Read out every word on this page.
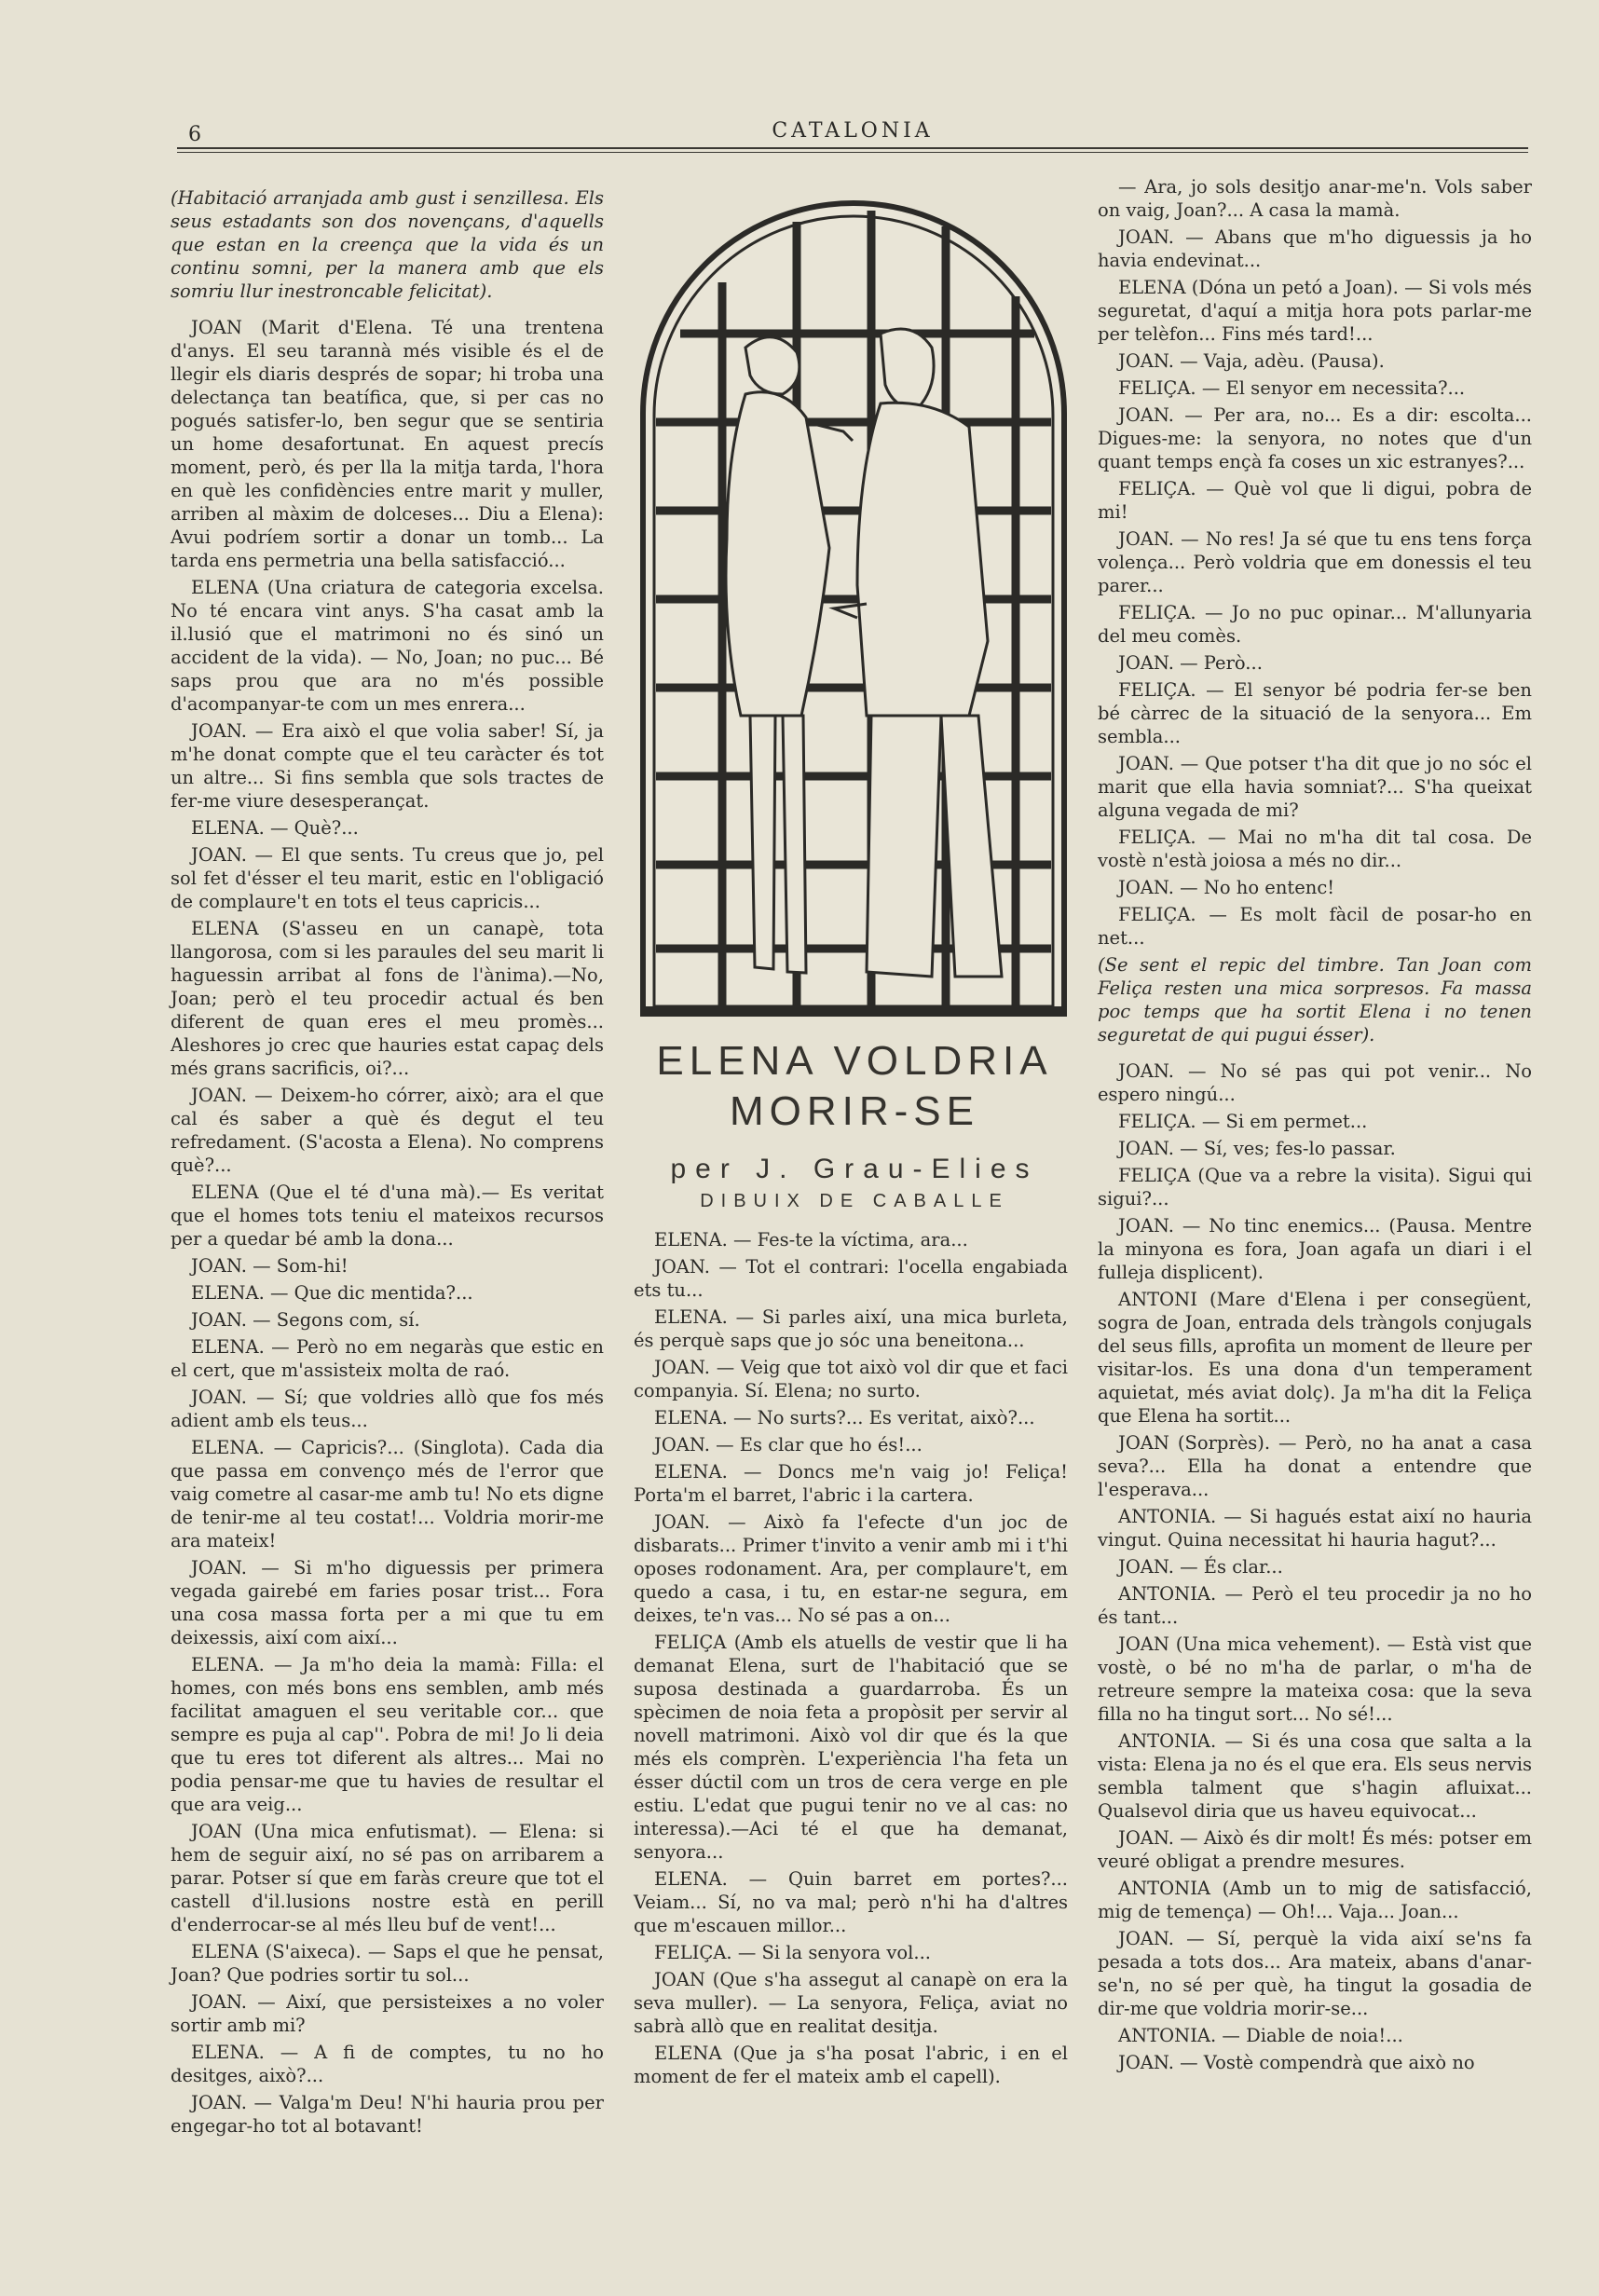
6	CATALONIA

(Habitació arranjada amb gust i senzillesa. Els seus estadants son dos novençans, d'aquells que estan en la creença que la vida és un continu somni, per la manera amb que els somriu llur inestroncable felicitat).

JOAN (Marit d'Elena. Té una trentena d'anys. El seu tarannà més visible és el de llegir els diaris després de sopar; hi troba una delectança tan beatífica, que, si per cas no pogués satisfer-lo, ben segur que se sentiria un home desafortunat. En aquest precís moment, però, és per lla la mitja tarda, l'hora en què les confidències entre marit y muller, arriben al màxim de dolceses... Diu a Elena): Avui podríem sortir a donar un tomb... La tarda ens permetria una bella satisfacció...

ELENA (Una criatura de categoria excelsa. No té encara vint anys. S'ha casat amb la il.lusió que el matrimoni no és sinó un accident de la vida). — No, Joan; no puc... Bé saps prou que ara no m'és possible d'acompanyar-te com un mes enrera...

JOAN. — Era això el que volia saber! Sí, ja m'he donat compte que el teu caràcter és tot un altre... Si fins sembla que sols tractes de fer-me viure desesperançat.

ELENA. — Què?...

JOAN. — El que sents. Tu creus que jo, pel sol fet d'ésser el teu marit, estic en l'obligació de complaure't en tots el teus capricis...

ELENA (S'asseu en un canapè, tota llangorosa, com si les paraules del seu marit li haguessin arribat al fons de l'ànima).—No, Joan; però el teu procedir actual és ben diferent de quan eres el meu promès... Aleshores jo crec que hauries estat capaç dels més grans sacrificis, oi?...

JOAN. — Deixem-ho córrer, això; ara el que cal és saber a què és degut el teu refredament. (S'acosta a Elena). No comprens què?...

ELENA (Que el té d'una mà).— Es veritat que el homes tots teniu el mateixos recursos per a quedar bé amb la dona...

JOAN. — Som-hi!

ELENA. — Que dic mentida?...

JOAN. — Segons com, sí.

ELENA. — Però no em negaràs que estic en el cert, que m'assisteix molta de raó.

JOAN. — Sí; que voldries allò que fos més adient amb els teus...

ELENA. — Capricis?... (Singlota). Cada dia que passa em convenço més de l'error que vaig cometre al casar-me amb tu! No ets digne de tenir-me al teu costat!... Voldria morir-me ara mateix!

JOAN. — Si m'ho diguessis per primera vegada gairebé em faries posar trist... Fora una cosa massa forta per a mi que tu em deixessis, així com així...

ELENA. — Ja m'ho deia la mamà: Filla: el homes, con més bons ens semblen, amb més facilitat amaguen el seu veritable cor... que sempre es puja al cap''. Pobra de mi! Jo li deia que tu eres tot diferent als altres... Mai no podia pensar-me que tu havies de resultar el que ara veig...

JOAN (Una mica enfutismat). — Elena: si hem de seguir així, no sé pas on arribarem a parar. Potser sí que em faràs creure que tot el castell d'il.lusions nostre està en perill d'enderrocar-se al més lleu buf de vent!...

ELENA (S'aixeca). — Saps el que he pensat, Joan? Que podries sortir tu sol...

JOAN. — Així, que persisteixes a no voler sortir amb mi?

ELENA. — A fi de comptes, tu no ho desitges, això?...

JOAN. — Valga'm Deu! N'hi hauria prou per engegar-ho tot al botavant!

ELENA VOLDRIA
MORIR-SE
per J. Grau-Elies
DIBUIX DE CABALLE

ELENA. — Fes-te la víctima, ara...

JOAN. — Tot el contrari: l'ocella engabiada ets tu...

ELENA. — Si parles així, una mica burleta, és perquè saps que jo sóc una beneitona...

JOAN. — Veig que tot això vol dir que et faci companyia. Sí. Elena; no surto.

ELENA. — No surts?... Es veritat, això?...

JOAN. — Es clar que ho és!...

ELENA. — Doncs me'n vaig jo! Feliça! Porta'm el barret, l'abric i la cartera.

JOAN. — Això fa l'efecte d'un joc de disbarats... Primer t'invito a venir amb mi i t'hi oposes rodonament. Ara, per complaure't, em quedo a casa, i tu, en estar-ne segura, em deixes, te'n vas... No sé pas a on...

FELIÇA (Amb els atuells de vestir que li ha demanat Elena, surt de l'habitació que se suposa destinada a guardarroba. És un spècimen de noia feta a propòsit per servir al novell matrimoni. Això vol dir que és la que més els comprèn. L'experiència l'ha feta un ésser dúctil com un tros de cera verge en ple estiu. L'edat que pugui tenir no ve al cas: no interessa).—Aci té el que ha demanat, senyora...

ELENA. — Quin barret em portes?... Veiam... Sí, no va mal; però n'hi ha d'altres que m'escauen millor...

FELIÇA. — Si la senyora vol...

JOAN (Que s'ha assegut al canapè on era la seva muller). — La senyora, Feliça, aviat no sabrà allò que en realitat desitja.

ELENA (Que ja s'ha posat l'abric, i en el moment de fer el mateix amb el capell).

— Ara, jo sols desitjo anar-me'n. Vols saber on vaig, Joan?... A casa la mamà.

JOAN. — Abans que m'ho diguessis ja ho havia endevinat...

ELENA (Dóna un petó a Joan). — Si vols més seguretat, d'aquí a mitja hora pots parlar-me per telèfon... Fins més tard!...

JOAN. — Vaja, adèu. (Pausa).

FELIÇA. — El senyor em necessita?...

JOAN. — Per ara, no... Es a dir: escolta... Digues-me: la senyora, no notes que d'un quant temps ençà fa coses un xic estranyes?...

FELIÇA. — Què vol que li digui, pobra de mi!

JOAN. — No res! Ja sé que tu ens tens força volença... Però voldria que em donessis el teu parer...

FELIÇA. — Jo no puc opinar... M'allunyaria del meu comès.

JOAN. — Però...

FELIÇA. — El senyor bé podria fer-se ben bé càrrec de la situació de la senyora... Em sembla...

JOAN. — Que potser t'ha dit que jo no sóc el marit que ella havia somniat?... S'ha queixat alguna vegada de mi?

FELIÇA. — Mai no m'ha dit tal cosa. De vostè n'està joiosa a més no dir...

JOAN. — No ho entenc!

FELIÇA. — Es molt fàcil de posar-ho en net...

(Se sent el repic del timbre. Tan Joan com Feliça resten una mica sorpresos. Fa massa poc temps que ha sortit Elena i no tenen seguretat de qui pugui ésser).

JOAN. — No sé pas qui pot venir... No espero ningú...

FELIÇA. — Si em permet...

JOAN. — Sí, ves; fes-lo passar.

FELIÇA (Que va a rebre la visita). Sigui qui sigui?...

JOAN. — No tinc enemics... (Pausa. Mentre la minyona es fora, Joan agafa un diari i el fulleja displicent).

ANTONI (Mare d'Elena i per consegüent, sogra de Joan, entrada dels tràngols conjugals del seus fills, aprofita un moment de lleure per visitar-los. Es una dona d'un temperament aquietat, més aviat dolç). Ja m'ha dit la Feliça que Elena ha sortit...

JOAN (Sorprès). — Però, no ha anat a casa seva?... Ella ha donat a entendre que l'esperava...

ANTONIA. — Si hagués estat així no hauria vingut. Quina necessitat hi hauria hagut?...

JOAN. — És clar...

ANTONIA. — Però el teu procedir ja no ho és tant...

JOAN (Una mica vehement). — Està vist que vostè, o bé no m'ha de parlar, o m'ha de retreure sempre la mateixa cosa: que la seva filla no ha tingut sort... No sé!...

ANTONIA. — Si és una cosa que salta a la vista: Elena ja no és el que era. Els seus nervis sembla talment que s'hagin afluixat... Qualsevol diria que us haveu equivocat...

JOAN. — Això és dir molt! És més: potser em veuré obligat a prendre mesures.

ANTONIA (Amb un to mig de satisfacció, mig de temença) — Oh!... Vaja... Joan...

JOAN. — Sí, perquè la vida així se'ns fa pesada a tots dos... Ara mateix, abans d'anar-se'n, no sé per què, ha tingut la gosadia de dir-me que voldria morir-se...

ANTONIA. — Diable de noia!...

JOAN. — Vostè compendrà que això no
